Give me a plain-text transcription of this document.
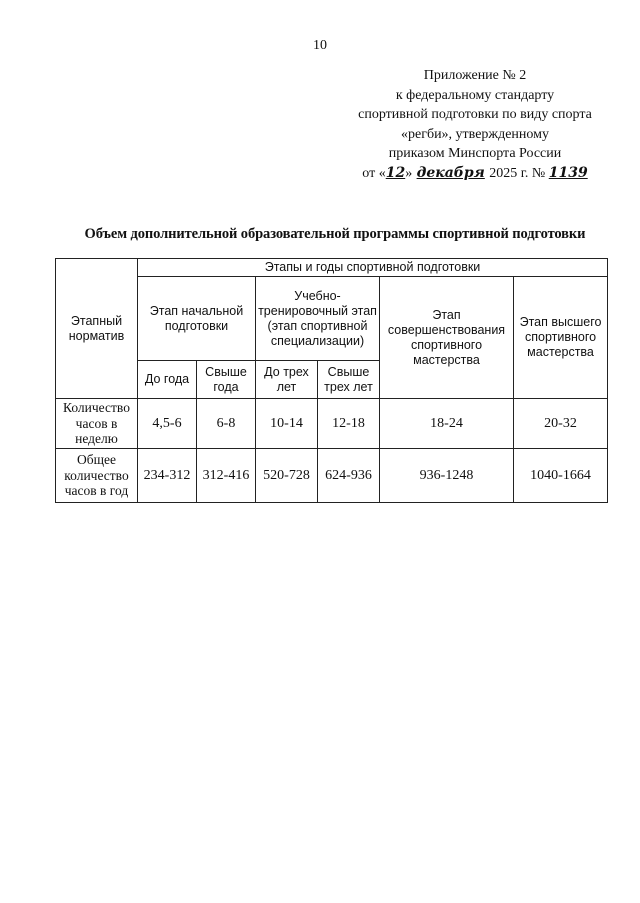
10
Приложение № 2
к федеральному стандарту
спортивной подготовки по виду спорта
«регби», утвержденному
приказом Минспорта России
от «12» декабря 2025 г. № 1139
Объем дополнительной образовательной программы спортивной подготовки
Этапный норматив	Этапы и годы спортивной подготовки					
	Этап начальной подготовки		Учебно-тренировочный этап (этап спортивной специализации)		Этап совершенствования спортивного мастерства	Этап высшего спортивного мастерства
	До года	Свыше года	До трех лет	Свыше трех лет		
Количество часов в неделю	4,5-6	6-8	10-14	12-18	18-24	20-32
Общее количество часов в год	234-312	312-416	520-728	624-936	936-1248	1040-1664
